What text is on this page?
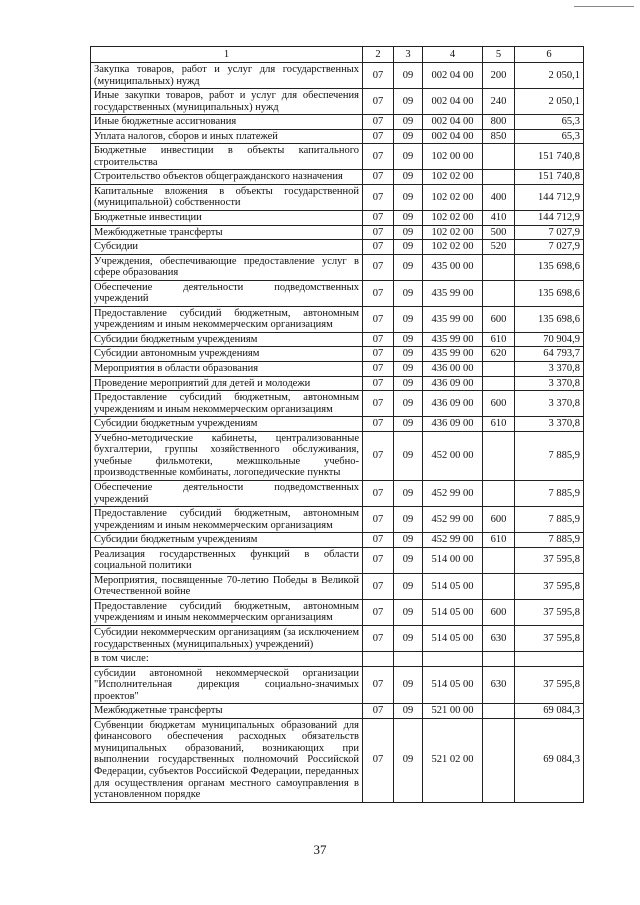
1	2	3	4	5	6
Закупка товаров, работ и услуг для государственных (муниципальных) нужд	07	09	002 04 00	200	2 050,1
Иные закупки товаров, работ и услуг для обеспечения государственных (муниципальных) нужд	07	09	002 04 00	240	2 050,1
Иные бюджетные ассигнования	07	09	002 04 00	800	65,3
Уплата налогов, сборов и иных платежей	07	09	002 04 00	850	65,3
Бюджетные инвестиции в объекты капитального строительства	07	09	102 00 00		151 740,8
Строительство объектов общегражданского назначения	07	09	102 02 00		151 740,8
Капитальные вложения в объекты государственной (муниципальной) собственности	07	09	102 02 00	400	144 712,9
Бюджетные инвестиции	07	09	102 02 00	410	144 712,9
Межбюджетные трансферты	07	09	102 02 00	500	7 027,9
Субсидии	07	09	102 02 00	520	7 027,9
Учреждения, обеспечивающие предоставление услуг в сфере образования	07	09	435 00 00		135 698,6
Обеспечение деятельности подведомственных учреждений	07	09	435 99 00		135 698,6
Предоставление субсидий бюджетным, автономным учреждениям и иным некоммерческим организациям	07	09	435 99 00	600	135 698,6
Субсидии бюджетным учреждениям	07	09	435 99 00	610	70 904,9
Субсидии автономным учреждениям	07	09	435 99 00	620	64 793,7
Мероприятия в области образования	07	09	436 00 00		3 370,8
Проведение мероприятий для детей и молодежи	07	09	436 09 00		3 370,8
Предоставление субсидий бюджетным, автономным учреждениям и иным некоммерческим организациям	07	09	436 09 00	600	3 370,8
Субсидии бюджетным учреждениям	07	09	436 09 00	610	3 370,8
Учебно-методические кабинеты, централизованные бухгалтерии, группы хозяйственного обслуживания, учебные фильмотеки, межшкольные учебно-производственные комбинаты, логопедические пункты	07	09	452 00 00		7 885,9
Обеспечение деятельности подведомственных учреждений	07	09	452 99 00		7 885,9
Предоставление субсидий бюджетным, автономным учреждениям и иным некоммерческим организациям	07	09	452 99 00	600	7 885,9
Субсидии бюджетным учреждениям	07	09	452 99 00	610	7 885,9
Реализация государственных функций в области социальной политики	07	09	514 00 00		37 595,8
Мероприятия, посвященные 70-летию Победы в Великой Отечественной войне	07	09	514 05 00		37 595,8
Предоставление субсидий бюджетным, автономным учреждениям и иным некоммерческим организациям	07	09	514 05 00	600	37 595,8
Субсидии некоммерческим организациям (за исключением государственных (муниципальных) учреждений)	07	09	514 05 00	630	37 595,8
в том числе:					
субсидии автономной некоммерческой организации "Исполнительная дирекция социально-значимых проектов"	07	09	514 05 00	630	37 595,8
Межбюджетные трансферты	07	09	521 00 00		69 084,3
Субвенции бюджетам муниципальных образований для финансового обеспечения расходных обязательств муниципальных образований, возникающих при выполнении государственных полномочий Российской Федерации, субъектов Российской Федерации, переданных для осуществления органам местного самоуправления в установленном порядке	07	09	521 02 00		69 084,3
37
